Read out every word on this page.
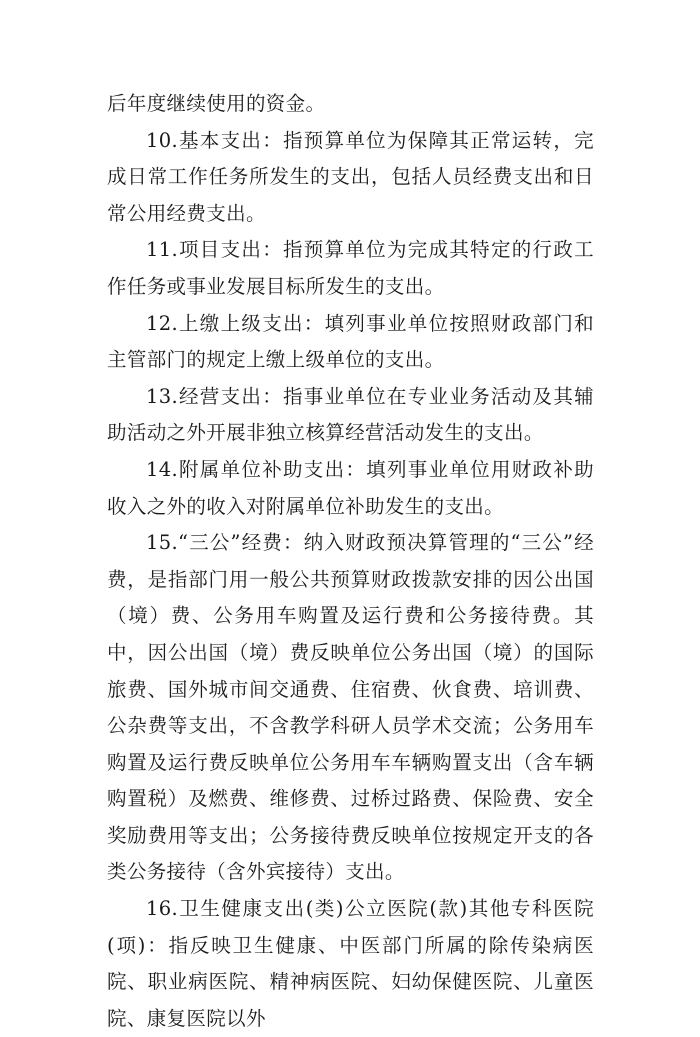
后年度继续使用的资金。

10.基本支出：指预算单位为保障其正常运转，完成日常工作任务所发生的支出，包括人员经费支出和日常公用经费支出。

11.项目支出：指预算单位为完成其特定的行政工作任务或事业发展目标所发生的支出。

12.上缴上级支出：填列事业单位按照财政部门和主管部门的规定上缴上级单位的支出。

13.经营支出：指事业单位在专业业务活动及其辅助活动之外开展非独立核算经营活动发生的支出。

14.附属单位补助支出：填列事业单位用财政补助收入之外的收入对附属单位补助发生的支出。

15.“三公”经费：纳入财政预决算管理的“三公”经费，是指部门用一般公共预算财政拨款安排的因公出国（境）费、公务用车购置及运行费和公务接待费。其中，因公出国（境）费反映单位公务出国（境）的国际旅费、国外城市间交通费、住宿费、伙食费、培训费、公杂费等支出，不含教学科研人员学术交流；公务用车购置及运行费反映单位公务用车车辆购置支出（含车辆购置税）及燃费、维修费、过桥过路费、保险费、安全奖励费用等支出；公务接待费反映单位按规定开支的各类公务接待（含外宾接待）支出。

16.卫生健康支出(类)公立医院(款)其他专科医院(项)：指反映卫生健康、中医部门所属的除传染病医院、职业病医院、精神病医院、妇幼保健医院、儿童医院、康复医院以外
